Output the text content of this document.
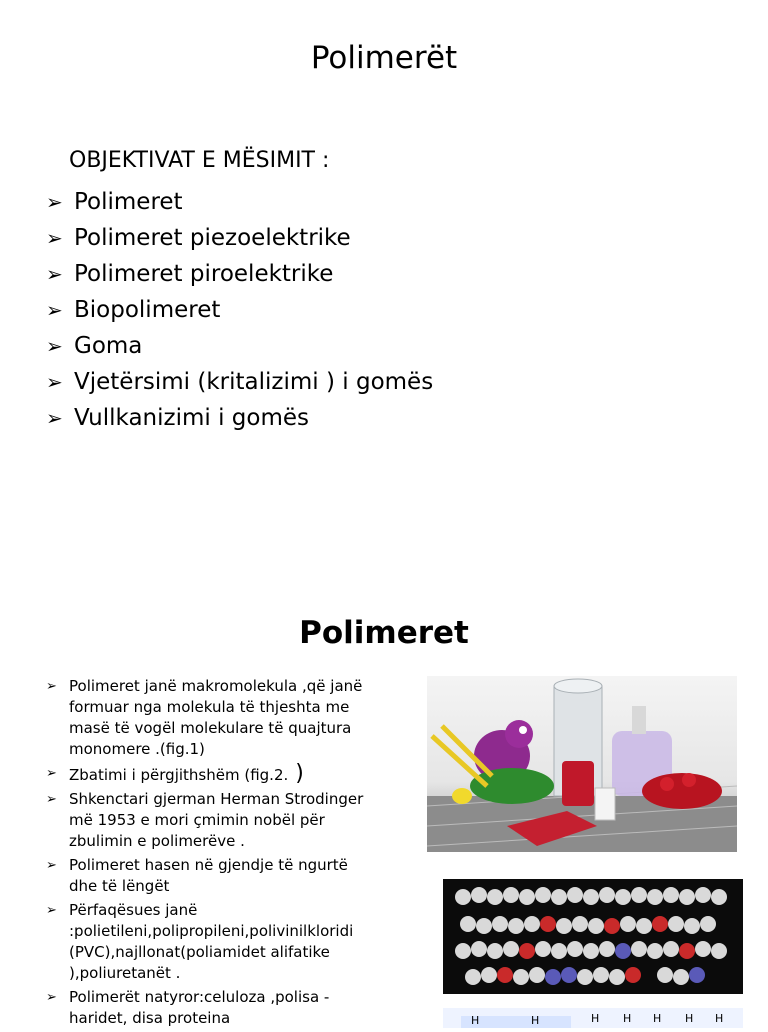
Polimerët
OBJEKTIVAT E MËSIMIT :
➢ Polimeret
➢ Polimeret piezoelektrike
➢ Polimeret piroelektrike
➢ Biopolimeret
➢ Goma
➢ Vjetërsimi (kritalizimi ) i gomës
➢ Vullkanizimi i gomës
Polimeret
➢ Polimeret janë makromolekula ,që janë formuar nga molekula të thjeshta me masë të vogël molekulare të quajtura monomere .(fig.1)
➢ Zbatimi i përgjithshëm (fig.2. )
➢ Shkenctari gjerman Herman Strodinger më 1953 e mori çmimin nobël për zbulimin e polimerëve .
➢ Polimeret hasen në gjendje të ngurtë dhe të lëngët
➢ Përfaqësues janë :polietileni,polipropileni,polivinilkloridi (PVC),najllonat(poliamidet alifatike ),poliuretanët .
➢ Polimerët natyror:celuloza ,polisa -haridet, disa proteina	H	H	H H H H H
